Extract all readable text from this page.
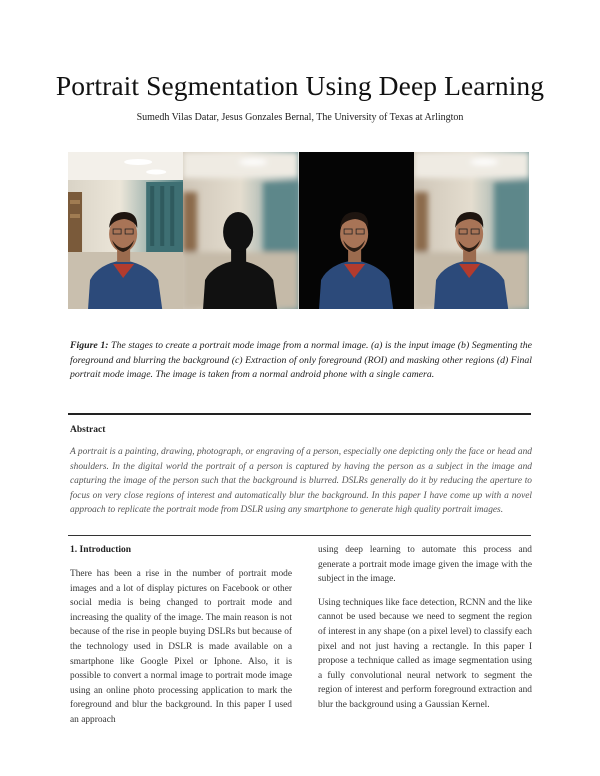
Portrait Segmentation Using Deep Learning
Sumedh Vilas Datar, Jesus Gonzales Bernal, The University of Texas at Arlington
Figure 1: The stages to create a portrait mode image from a normal image. (a) is the input image (b) Segmenting the foreground and blurring the background (c) Extraction of only foreground (ROI) and masking other regions (d) Final portrait mode image. The image is taken from a normal android phone with a single camera.
Abstract
A portrait is a painting, drawing, photograph, or engraving of a person, especially one depicting only the face or head and shoulders. In the digital world the portrait of a person is captured by having the person as a subject in the image and capturing the image of the person such that the background is blurred. DSLRs generally do it by reducing the aperture to focus on very close regions of interest and automatically blur the background. In this paper I have come up with a novel approach to replicate the portrait mode from DSLR using any smartphone to generate high quality portrait images.
1. Introduction

There has been a rise in the number of portrait mode images and a lot of display pictures on Facebook or other social media is being changed to portrait mode and increasing the quality of the image. The main reason is not because of the rise in people buying DSLRs but because of the technology used in DSLR is made available on a smartphone like Google Pixel or Iphone. Also, it is possible to convert a normal image to portrait mode image using an online photo processing application to mark the foreground and blur the background. In this paper I used an approach

using deep learning to automate this process and generate a portrait mode image given the image with the subject in the image.

Using techniques like face detection, RCNN and the like cannot be used because we need to segment the region of interest in any shape (on a pixel level) to classify each pixel and not just having a rectangle. In this paper I propose a technique called as image segmentation using a fully convolutional neural network to segment the region of interest and perform foreground extraction and blur the background using a Gaussian Kernel.
